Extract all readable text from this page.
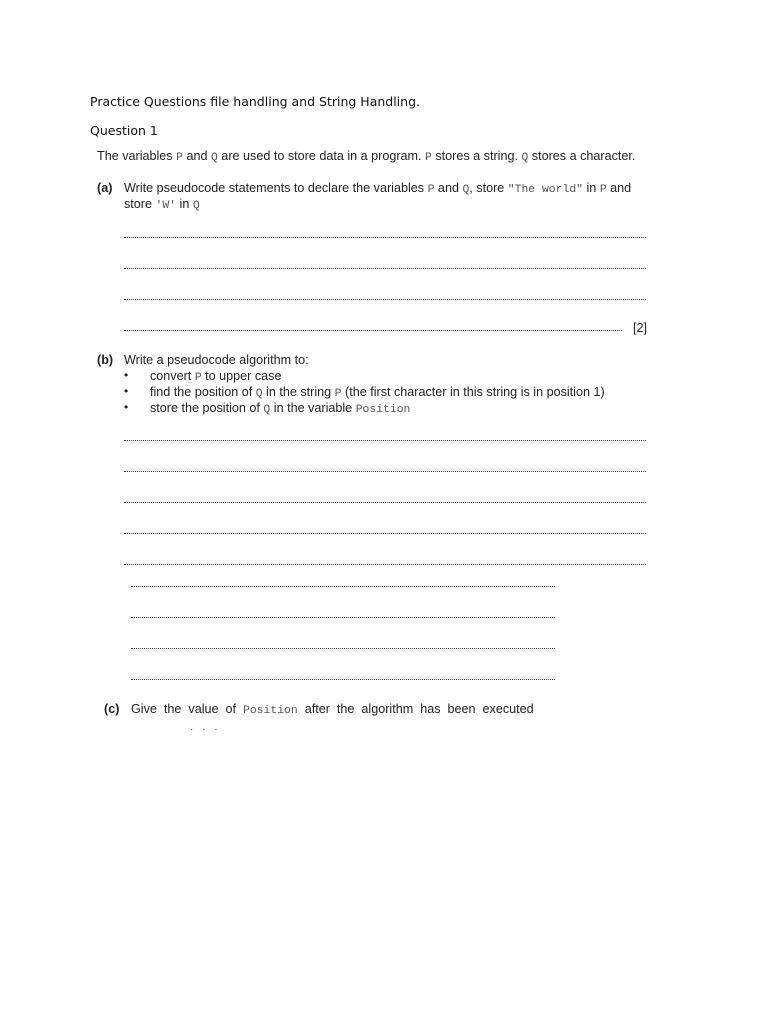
Practice Questions file handling and String Handling.
Question 1
The variables P and Q are used to store data in a program. P stores a string. Q stores a character.
(a) Write pseudocode statements to declare the variables P and Q, store "The world" in P and
store 'W' in Q
[2]
(b) Write a pseudocode algorithm to:
• convert P to upper case
• find the position of Q in the string P (the first character in this string is in position 1)
• store the position of Q in the variable Position
(c) Give  the  value  of  Position  after  the  algorithm  has  been  executed
· · ·
